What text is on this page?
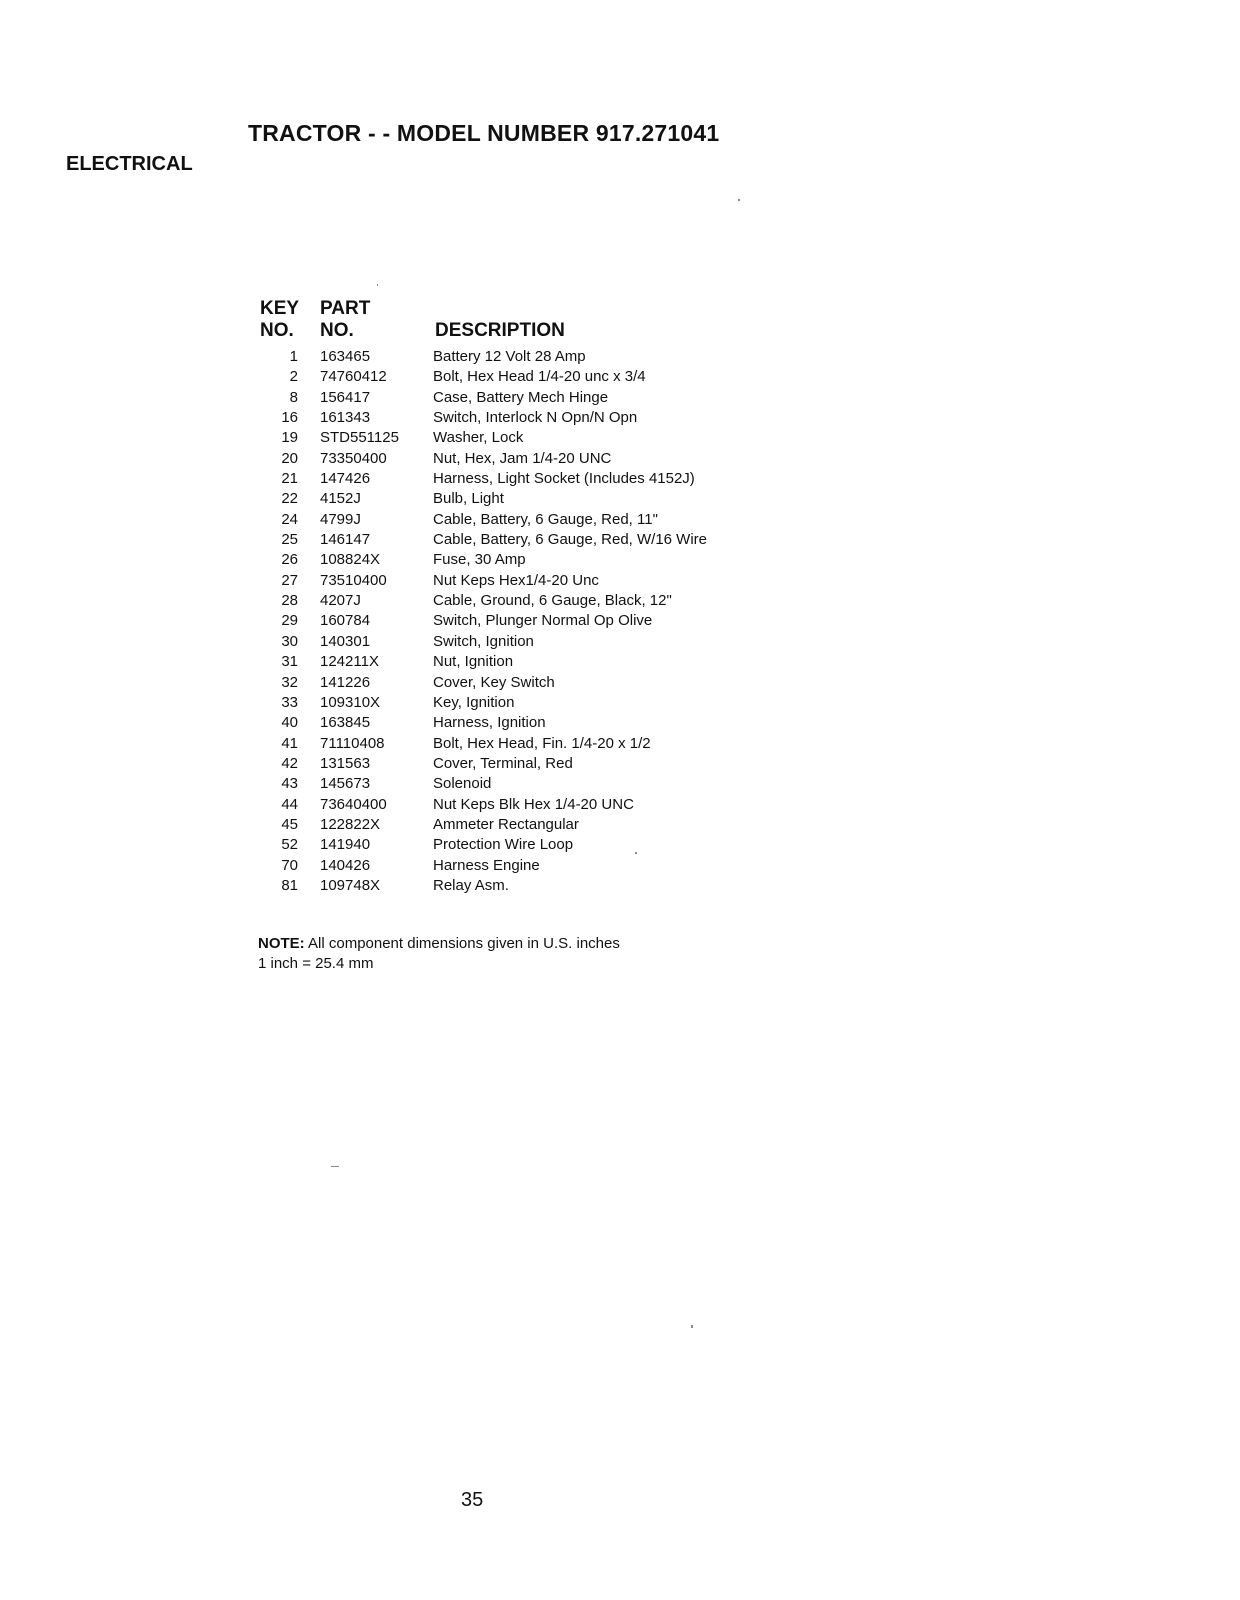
TRACTOR - - MODEL NUMBER 917.271041
ELECTRICAL
KEY
NO.
PART
NO.	DESCRIPTION
1 163465	Battery 12 Volt 28 Amp
2 74760412	Bolt, Hex Head 1/4-20 unc x 3/4
8 156417	Case, Battery Mech Hinge
16 161343	Switch, Interlock N Opn/N Opn
19 STD551125 Washer, Lock
20 73350400	Nut, Hex, Jam 1/4-20 UNC
21 147426	Harness, Light Socket (Includes 4152J)
22 4152J	Bulb, Light
24 4799J	Cable, Battery, 6 Gauge, Red, 11"
25 146147	Cable, Battery, 6 Gauge, Red, W/16 Wire
26 108824X	Fuse, 30 Amp
27 73510400	Nut Keps Hex1/4-20 Unc
28 4207J	Cable, Ground, 6 Gauge, Black, 12"
29 160784	Switch, Plunger Normal Op Olive
30 140301	Switch, Ignition
31 124211X	Nut, Ignition
32 141226	Cover, Key Switch
33 109310X	Key, Ignition
40 163845	Harness, Ignition
41 71110408	Bolt, Hex Head, Fin. 1/4-20 x 1/2
42 131563	Cover, Terminal, Red
43 145673	Solenoid
44 73640400	Nut Keps Blk Hex 1/4-20 UNC
45 122822X	Ammeter Rectangular
52 141940	Protection Wire Loop
70 140426	Harness Engine
81 109748X	Relay Asm.
NOTE: All component dimensions given in U.S. inches
1 inch = 25.4 mm
35
